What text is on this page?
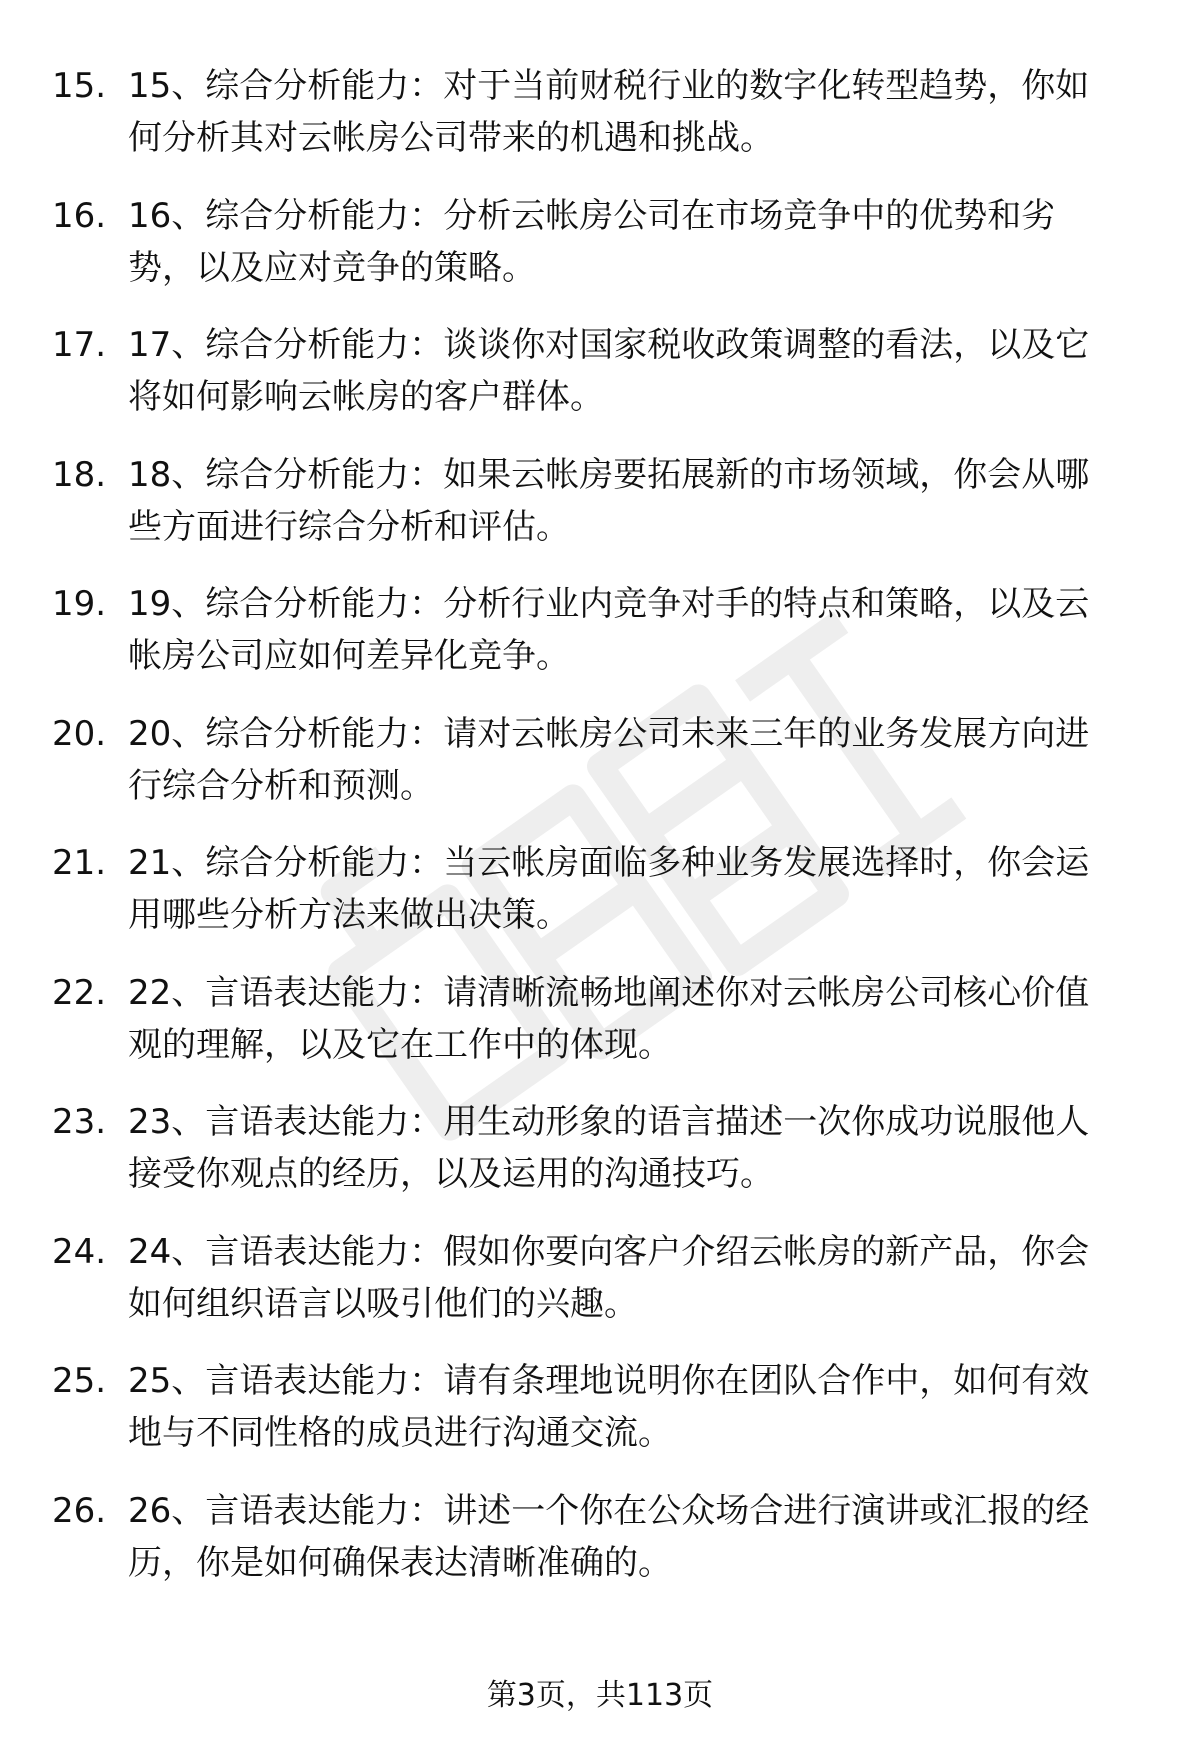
15. 15、综合分析能力：对于当前财税行业的数字化转型趋势，你如
何分析其对云帐房公司带来的机遇和挑战。
16. 16、综合分析能力：分析云帐房公司在市场竞争中的优势和劣
势，以及应对竞争的策略。
17. 17、综合分析能力：谈谈你对国家税收政策调整的看法，以及它
将如何影响云帐房的客户群体。
18. 18、综合分析能力：如果云帐房要拓展新的市场领域，你会从哪
些方面进行综合分析和评估。
19. 19、综合分析能力：分析行业内竞争对手的特点和策略，以及云
帐房公司应如何差异化竞争。
20. 20、综合分析能力：请对云帐房公司未来三年的业务发展方向进
行综合分析和预测。
21. 21、综合分析能力：当云帐房面临多种业务发展选择时，你会运
用哪些分析方法来做出决策。
22. 22、言语表达能力：请清晰流畅地阐述你对云帐房公司核心价值
观的理解，以及它在工作中的体现。
23. 23、言语表达能力：用生动形象的语言描述一次你成功说服他人
接受你观点的经历，以及运用的沟通技巧。
24. 24、言语表达能力：假如你要向客户介绍云帐房的新产品，你会
如何组织语言以吸引他们的兴趣。
25. 25、言语表达能力：请有条理地说明你在团队合作中，如何有效
地与不同性格的成员进行沟通交流。
26. 26、言语表达能力：讲述一个你在公众场合进行演讲或汇报的经
历，你是如何确保表达清晰准确的。
第3页，共113页
